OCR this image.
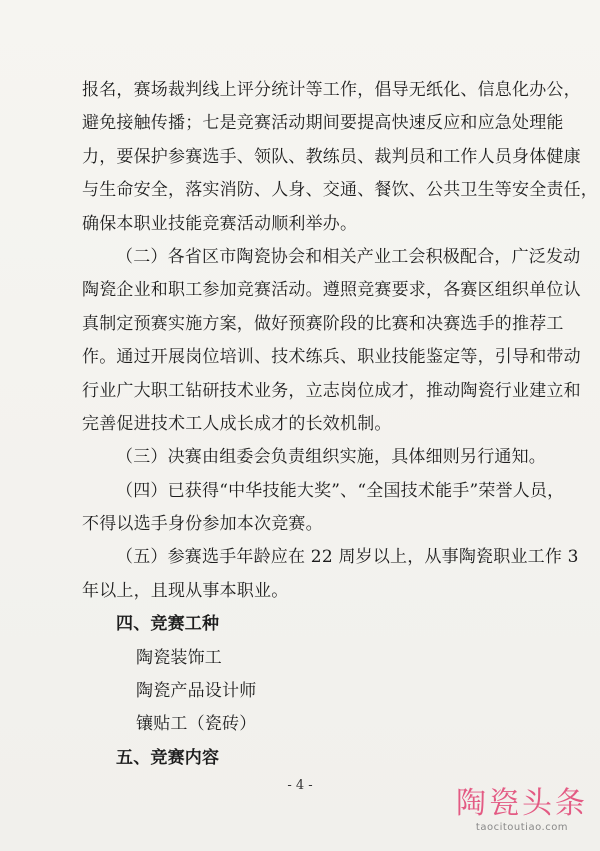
报名，赛场裁判线上评分统计等工作，倡导无纸化、信息化办公，
避免接触传播；七是竞赛活动期间要提高快速反应和应急处理能
力，要保护参赛选手、领队、教练员、裁判员和工作人员身体健康
与生命安全，落实消防、人身、交通、餐饮、公共卫生等安全责任，
确保本职业技能竞赛活动顺利举办。
（二）各省区市陶瓷协会和相关产业工会积极配合，广泛发动
陶瓷企业和职工参加竞赛活动。遵照竞赛要求，各赛区组织单位认
真制定预赛实施方案，做好预赛阶段的比赛和决赛选手的推荐工
作。通过开展岗位培训、技术练兵、职业技能鉴定等，引导和带动
行业广大职工钻研技术业务，立志岗位成才，推动陶瓷行业建立和
完善促进技术工人成长成才的长效机制。
（三）决赛由组委会负责组织实施，具体细则另行通知。
（四）已获得“中华技能大奖”、“全国技术能手”荣誉人员，
不得以选手身份参加本次竞赛。
（五）参赛选手年龄应在 22 周岁以上，从事陶瓷职业工作 3
年以上，且现从事本职业。
四、竞赛工种
陶瓷装饰工
陶瓷产品设计师
镶贴工（瓷砖）
五、竞赛内容
- 4 -
陶瓷头条
taocitoutiao.com
